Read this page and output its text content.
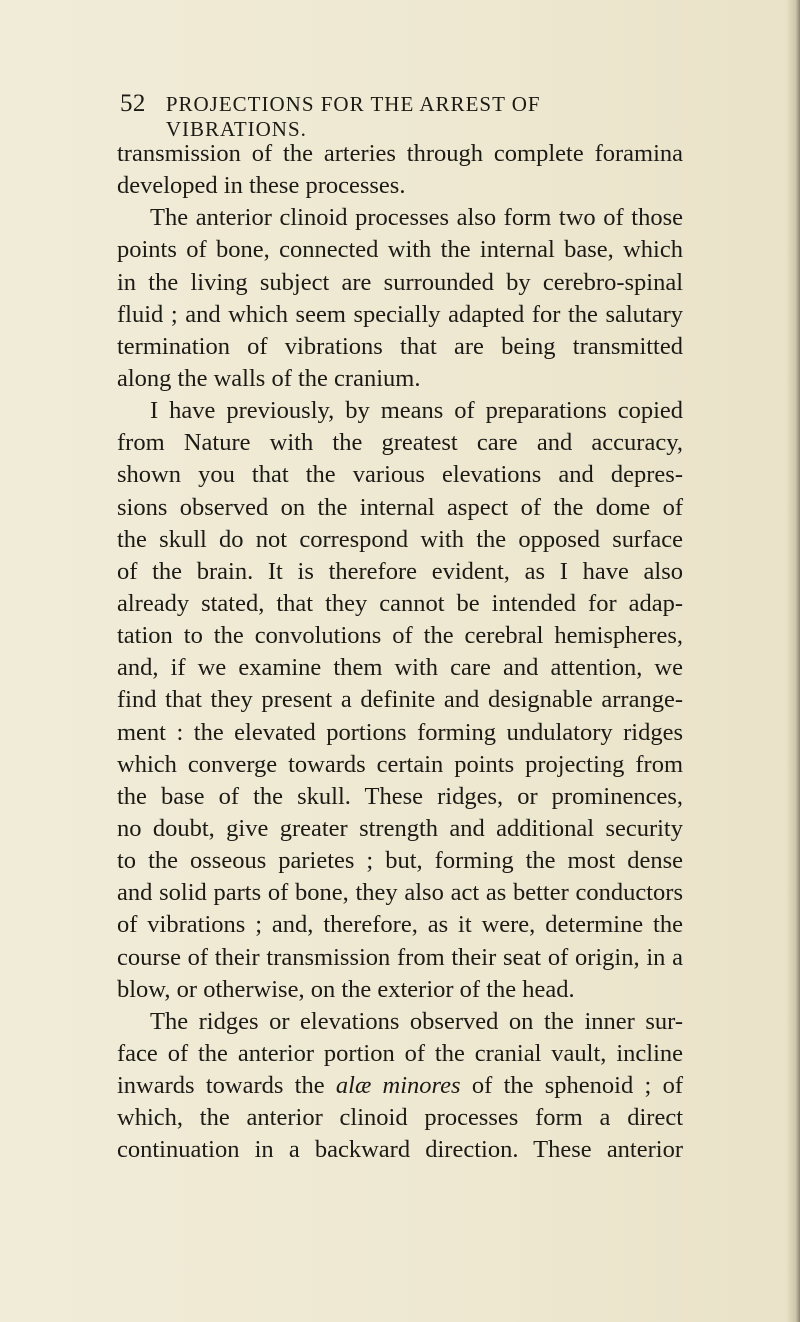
52 PROJECTIONS FOR THE ARREST OF VIBRATIONS.
transmission of the arteries through complete foramina
developed in these processes.
The anterior clinoid processes also form two of those
points of bone, connected with the internal base, which
in the living subject are surrounded by cerebro-spinal
fluid ; and which seem specially adapted for the salutary
termination of vibrations that are being transmitted
along the walls of the cranium.
I have previously, by means of preparations copied
from Nature with the greatest care and accuracy,
shown you that the various elevations and depres-
sions observed on the internal aspect of the dome of
the skull do not correspond with the opposed surface
of the brain. It is therefore evident, as I have also
already stated, that they cannot be intended for adap-
tation to the convolutions of the cerebral hemispheres,
and, if we examine them with care and attention, we
find that they present a definite and designable arrange-
ment : the elevated portions forming undulatory ridges
which converge towards certain points projecting from
the base of the skull. These ridges, or prominences,
no doubt, give greater strength and additional security
to the osseous parietes ; but, forming the most dense
and solid parts of bone, they also act as better conductors
of vibrations ; and, therefore, as it were, determine the
course of their transmission from their seat of origin, in a
blow, or otherwise, on the exterior of the head.
The ridges or elevations observed on the inner sur-
face of the anterior portion of the cranial vault, incline
inwards towards the alæ minores of the sphenoid ; of
which, the anterior clinoid processes form a direct
continuation in a backward direction. These anterior
